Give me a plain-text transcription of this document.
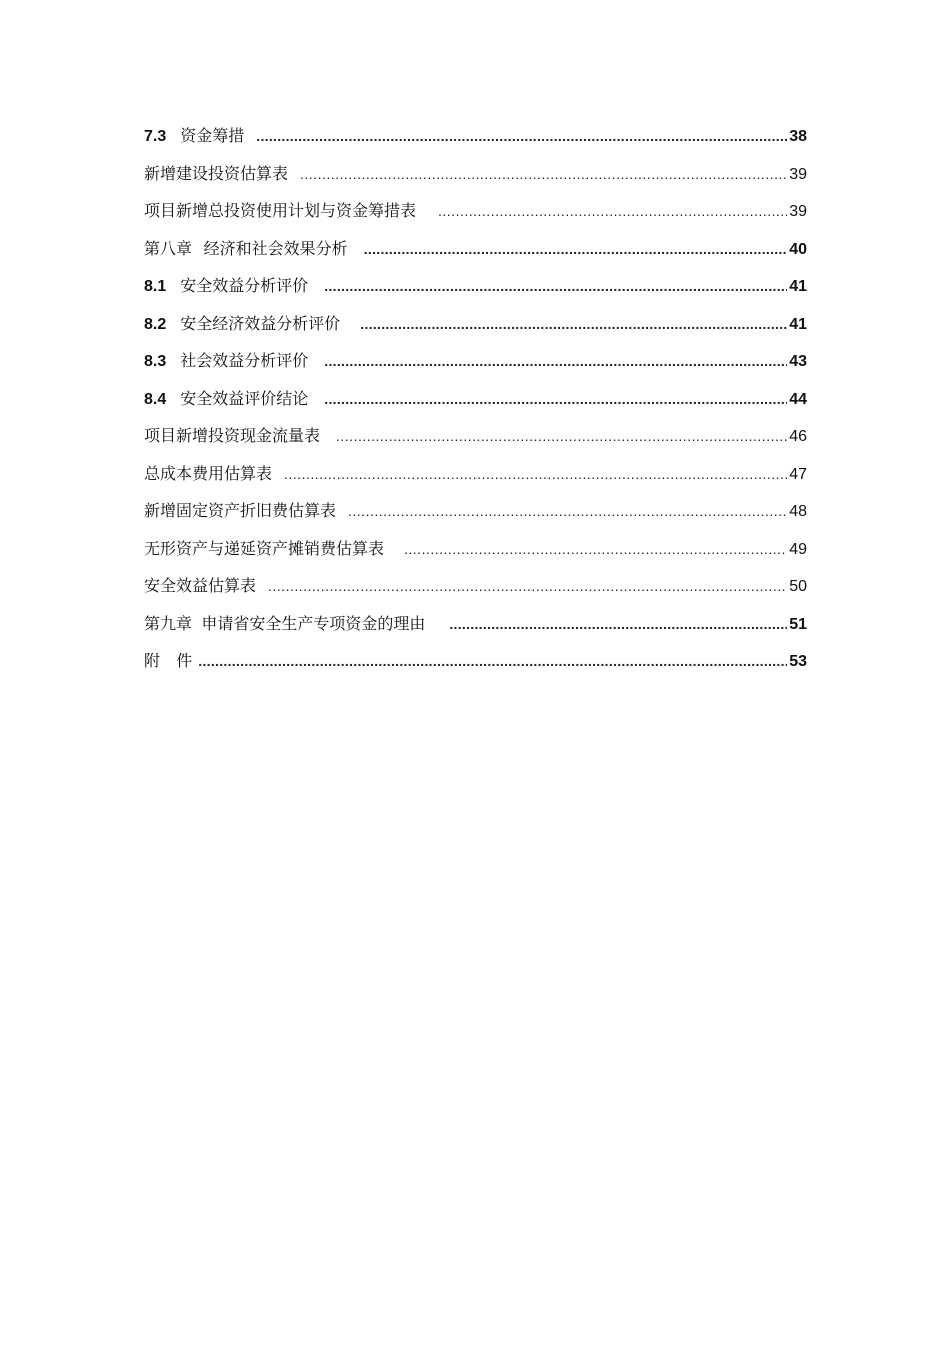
7.3 资金筹措 .....	38
新增建设投资估算表 .....	39
项目新增总投资使用计划与资金筹措表 .....	39
第八章 经济和社会效果分析 .....	40
8.1 安全效益分析评价 .....	41
8.2 安全经济效益分析评价 .....	41
8.3 社会效益分析评价 .....	43
8.4 安全效益评价结论 .....	44
项目新增投资现金流量表 .....	46
总成本费用估算表 .....	47
新增固定资产折旧费估算表 .....	48
无形资产与递延资产摊销费估算表 .....	49
安全效益估算表 .....	50
第九章 申请省安全生产专项资金的理由 .....	51
附 件 .....	53
